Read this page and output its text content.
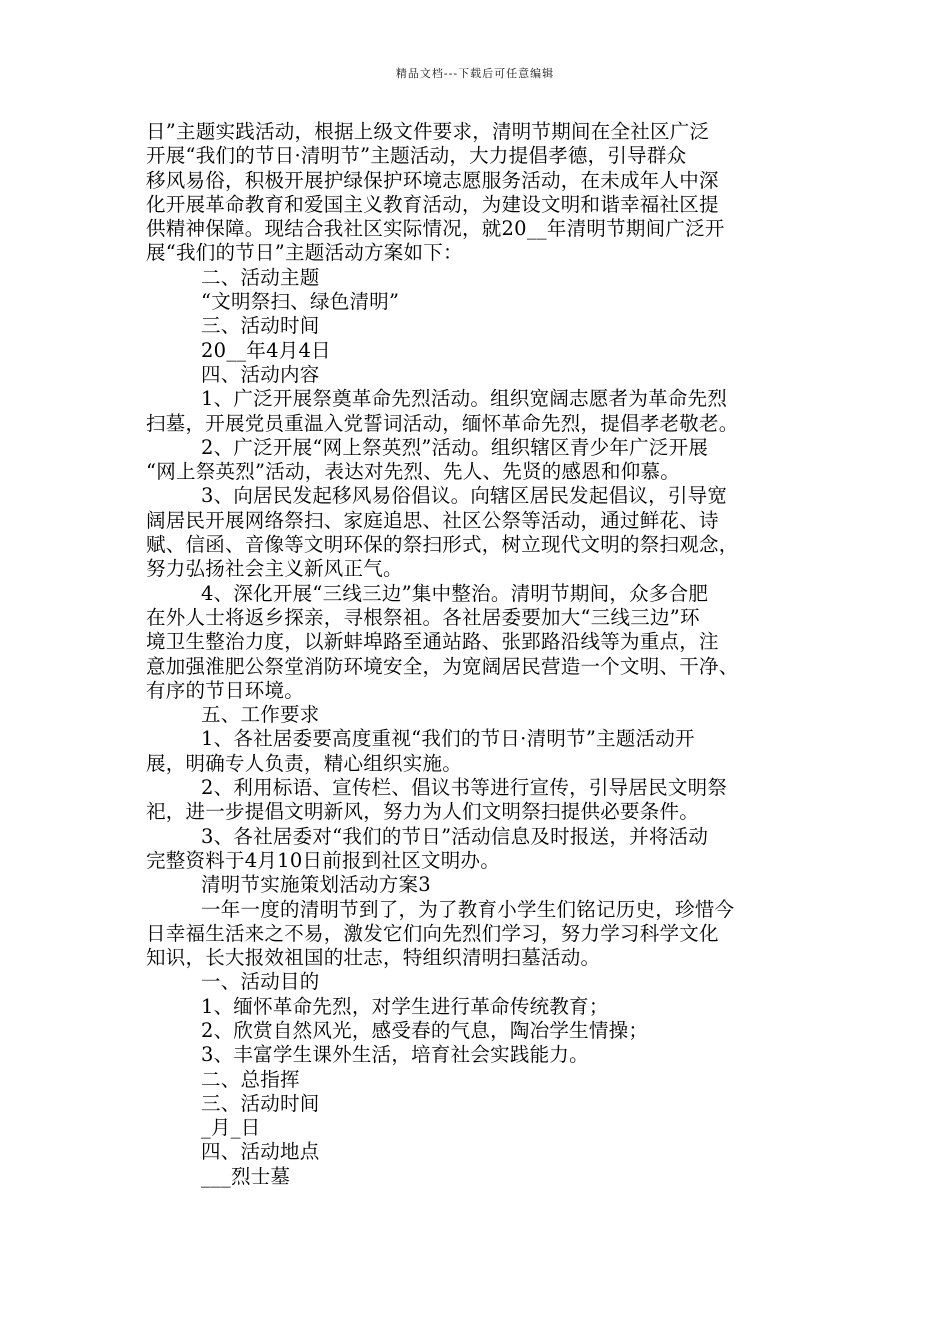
精品文档---下载后可任意编辑
日”主题实践活动，根据上级文件要求，清明节期间在全社区广泛
开展“我们的节日·清明节”主题活动，大力提倡孝德，引导群众
移风易俗，积极开展护绿保护环境志愿服务活动，在未成年人中深
化开展革命教育和爱国主义教育活动，为建设文明和谐幸福社区提
供精神保障。现结合我社区实际情况，就20__年清明节期间广泛开
展“我们的节日”主题活动方案如下：
二、活动主题
“文明祭扫、绿色清明”
三、活动时间
20__年4月4日
四、活动内容
1、广泛开展祭奠革命先烈活动。组织宽阔志愿者为革命先烈
扫墓，开展党员重温入党誓词活动，缅怀革命先烈，提倡孝老敬老。
2、广泛开展“网上祭英烈”活动。组织辖区青少年广泛开展
“网上祭英烈”活动，表达对先烈、先人、先贤的感恩和仰慕。
3、向居民发起移风易俗倡议。向辖区居民发起倡议，引导宽
阔居民开展网络祭扫、家庭追思、社区公祭等活动，通过鲜花、诗
赋、信函、音像等文明环保的祭扫形式，树立现代文明的祭扫观念，
努力弘扬社会主义新风正气。
4、深化开展“三线三边”集中整治。清明节期间，众多合肥
在外人士将返乡探亲，寻根祭祖。各社居委要加大“三线三边”环
境卫生整治力度，以新蚌埠路至通站路、张郢路沿线等为重点，注
意加强淮肥公祭堂消防环境安全，为宽阔居民营造一个文明、干净、
有序的节日环境。
五、工作要求
1、各社居委要高度重视“我们的节日·清明节”主题活动开
展，明确专人负责，精心组织实施。
2、利用标语、宣传栏、倡议书等进行宣传，引导居民文明祭
祀，进一步提倡文明新风，努力为人们文明祭扫提供必要条件。
3、各社居委对“我们的节日”活动信息及时报送，并将活动
完整资料于4月10日前报到社区文明办。
清明节实施策划活动方案3
一年一度的清明节到了，为了教育小学生们铭记历史，珍惜今
日幸福生活来之不易，激发它们向先烈们学习，努力学习科学文化
知识，长大报效祖国的壮志，特组织清明扫墓活动。
一、活动目的
1、缅怀革命先烈，对学生进行革命传统教育；
2、欣赏自然风光，感受春的气息，陶冶学生情操；
3、丰富学生课外生活，培育社会实践能力。
二、总指挥
三、活动时间
_月_日
四、活动地点
___烈士墓
